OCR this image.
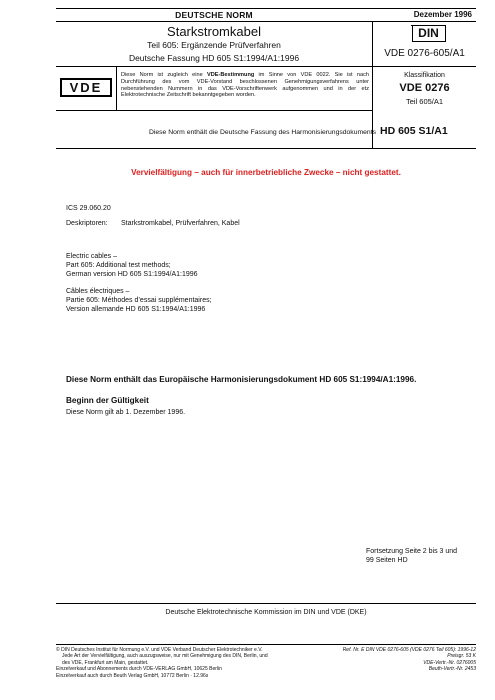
DEUTSCHE NORM	Dezember 1996
Starkstromkabel
Teil 605: Ergänzende Prüfverfahren
Deutsche Fassung HD 605 S1:1994/A1:1996
DIN
VDE 0276-605/A1
VDE
Diese Norm ist zugleich eine VDE-Bestimmung im Sinne von VDE 0022. Sie ist nach Durchführung des vom VDE-Vorstand beschlossenen Genehmigungsverfahrens unter nebenstehenden Nummern in das VDE-Vorschriftenwerk aufgenommen und in der etz Elektrotechnische Zeitschrift bekanntgegeben worden.
Klassifikation
VDE 0276
Teil 605/A1
Diese Norm enthält die Deutsche Fassung des Harmonisierungsdokuments HD 605 S1/A1
Vervielfältigung – auch für innerbetriebliche Zwecke – nicht gestattet.
ICS 29.060.20
Deskriptoren:	Starkstromkabel, Prüfverfahren, Kabel
Electric cables –
Part 605: Additional test methods;
German version HD 605 S1:1994/A1:1996
Câbles électriques –
Partie 605: Méthodes d’essai supplémentaires;
Version allemande HD 605 S1:1994/A1:1996
Diese Norm enthält das Europäische Harmonisierungsdokument HD 605 S1:1994/A1:1996.
Beginn der Gültigkeit
Diese Norm gilt ab 1. Dezember 1996.
Fortsetzung Seite 2 bis 3 und
99 Seiten HD
Deutsche Elektrotechnische Kommission im DIN und VDE (DKE)
© DIN Deutsches Institut für Normung e.V. und VDE Verband Deutscher Elektrotechniker e.V.
Jede Art der Vervielfältigung, auch auszugsweise, nur mit Genehmigung des DIN, Berlin, und
des VDE, Frankfurt am Main, gestattet.
Einzelverkauf und Abonnements durch VDE-VERLAG GmbH, 10625 Berlin
Einzelverkauf auch durch Beuth Verlag GmbH, 10772 Berlin · 12.96s
Ref. Nr. E DIN VDE 0276-605 (VDE 0276 Teil 605): 1996-12
Preisgr. 53 K
VDE-Vertr.-Nr. 0276005
Beuth-Vertr.-Nr. 2453
